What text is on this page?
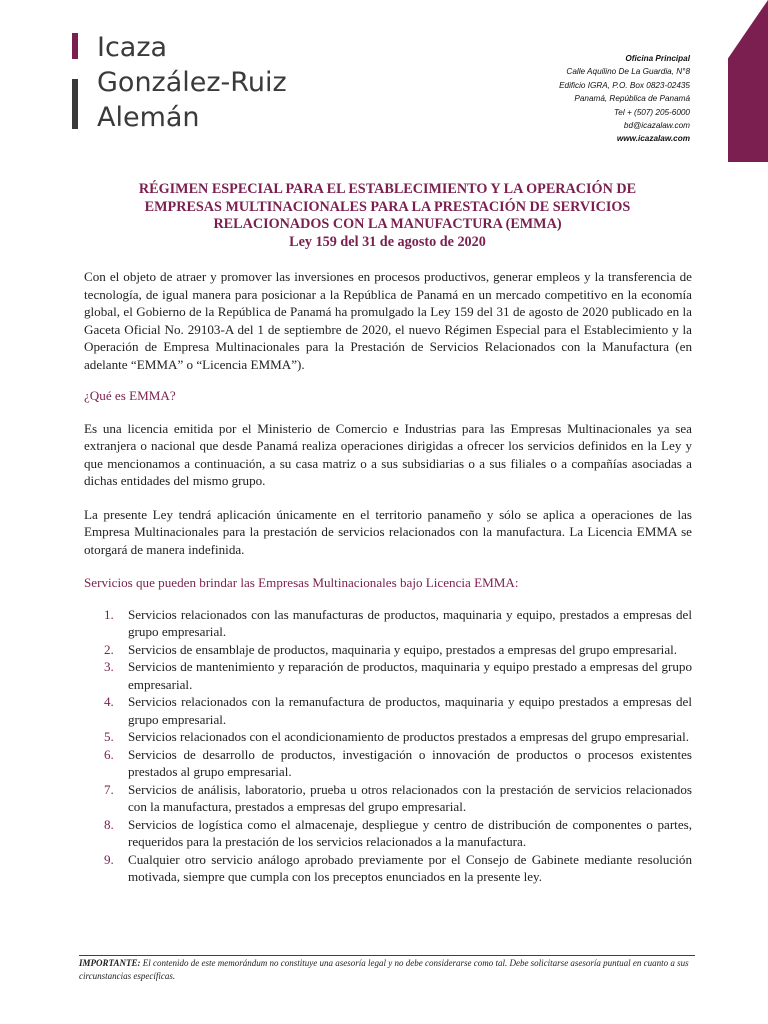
Icaza
González-Ruiz
Alemán
Oficina Principal
Calle Aquilino De La Guardia, N°8
Edificio IGRA, P.O. Box 0823-02435
Panamá, República de Panamá
Tel + (507) 205-6000
bd@icazalaw.com
www.icazalaw.com
RÉGIMEN ESPECIAL PARA EL ESTABLECIMIENTO Y LA OPERACIÓN DE
EMPRESAS MULTINACIONALES PARA LA PRESTACIÓN DE SERVICIOS
RELACIONADOS CON LA MANUFACTURA (EMMA)
Ley 159 del 31 de agosto de 2020

Con el objeto de atraer y promover las inversiones en procesos productivos, generar empleos y la transferencia de tecnología, de igual manera para posicionar a la República de Panamá en un mercado competitivo en la economía global, el Gobierno de la República de Panamá ha promulgado la Ley 159 del 31 de agosto de 2020 publicado en la Gaceta Oficial No. 29103-A del 1 de septiembre de 2020, el nuevo Régimen Especial para el Establecimiento y la Operación de Empresa Multinacionales para la Prestación de Servicios Relacionados con la Manufactura (en adelante “EMMA” o “Licencia EMMA”).

¿Qué es EMMA?

Es una licencia emitida por el Ministerio de Comercio e Industrias para las Empresas Multinacionales ya sea extranjera o nacional que desde Panamá realiza operaciones dirigidas a ofrecer los servicios definidos en la Ley y que mencionamos a continuación, a su casa matriz o a sus subsidiarias o a sus filiales o a compañías asociadas a dichas entidades del mismo grupo.

La presente Ley tendrá aplicación únicamente en el territorio panameño y sólo se aplica a operaciones de las Empresa Multinacionales para la prestación de servicios relacionados con la manufactura. La Licencia EMMA se otorgará de manera indefinida.

Servicios que pueden brindar las Empresas Multinacionales bajo Licencia EMMA:

1. Servicios relacionados con las manufacturas de productos, maquinaria y equipo, prestados a empresas del grupo empresarial.
2. Servicios de ensamblaje de productos, maquinaria y equipo, prestados a empresas del grupo empresarial.
3. Servicios de mantenimiento y reparación de productos, maquinaria y equipo prestado a empresas del grupo empresarial.
4. Servicios relacionados con la remanufactura de productos, maquinaria y equipo prestados a empresas del grupo empresarial.
5. Servicios relacionados con el acondicionamiento de productos prestados a empresas del grupo empresarial.
6. Servicios de desarrollo de productos, investigación o innovación de productos o procesos existentes prestados al grupo empresarial.
7. Servicios de análisis, laboratorio, prueba u otros relacionados con la prestación de servicios relacionados con la manufactura, prestados a empresas del grupo empresarial.
8. Servicios de logística como el almacenaje, despliegue y centro de distribución de componentes o partes, requeridos para la prestación de los servicios relacionados a la manufactura.
9. Cualquier otro servicio análogo aprobado previamente por el Consejo de Gabinete mediante resolución motivada, siempre que cumpla con los preceptos enunciados en la presente ley.
IMPORTANTE: El contenido de este memorándum no constituye una asesoría legal y no debe considerarse como tal. Debe solicitarse asesoría puntual en cuanto a sus circunstancias específicas.
